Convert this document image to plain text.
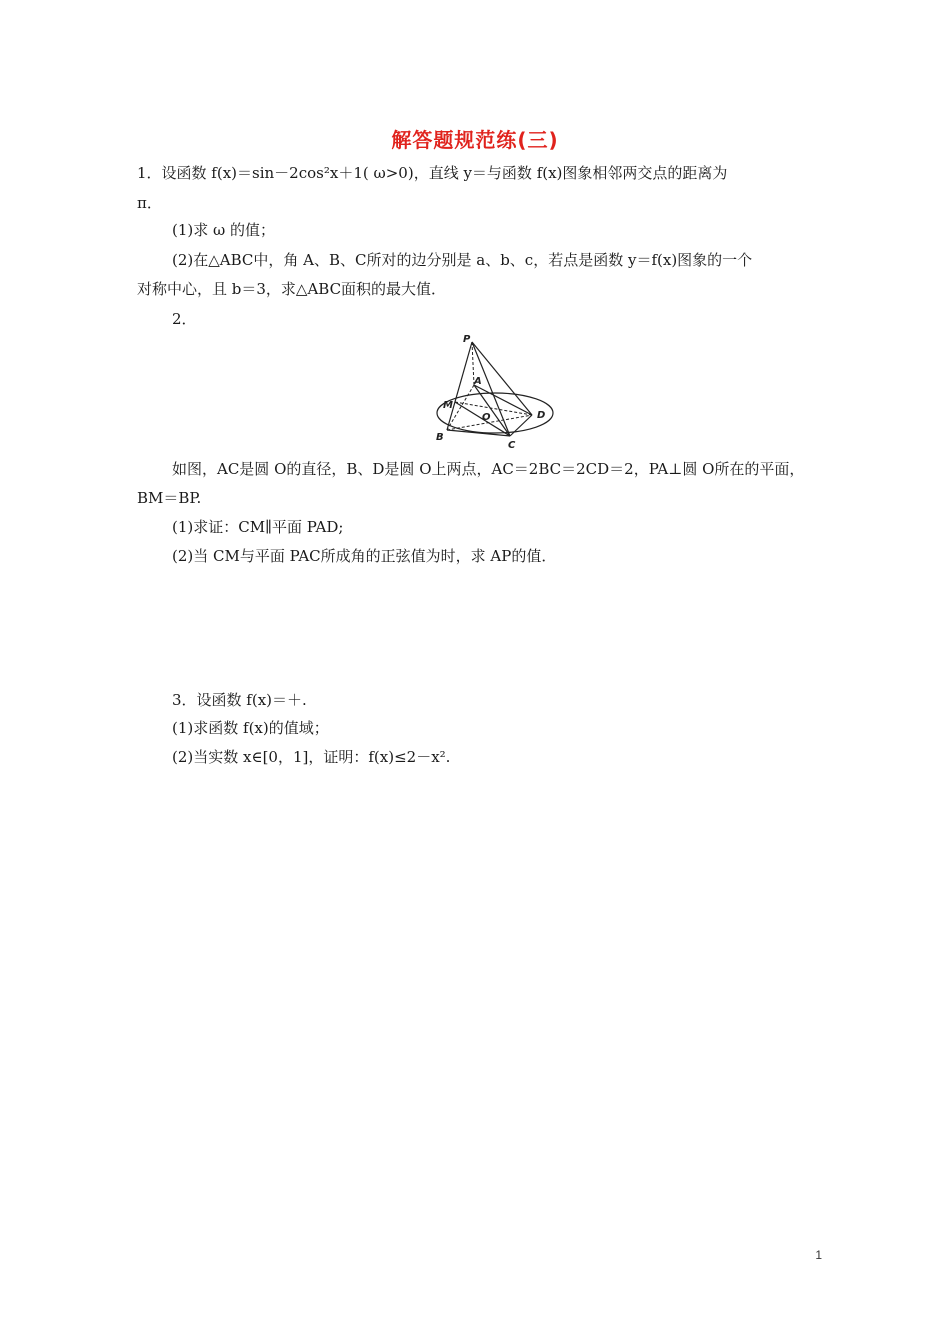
解答题规范练(三)
1．设函数 f(x)＝sin－2cos²x＋1( ω>0)，直线 y＝与函数 f(x)图象相邻两交点的距离为
π．
(1)求 ω 的值；
(2)在△ABC中，角 A、B、C所对的边分别是 a、b、c，若点是函数 y＝f(x)图象的一个
对称中心，且 b＝3，求△ABC面积的最大值．
2．
P
A
M
O	D
B
C
如图，AC是圆 O的直径，B、D是圆 O上两点，AC＝2BC＝2CD＝2，PA⊥圆 O所在的平面，
BM＝BP.
(1)求证：CM∥平面 PAD;
(2)当 CM与平面 PAC所成角的正弦值为时，求 AP的值．
3．设函数 f(x)＝＋.
(1)求函数 f(x)的值域；
(2)当实数 x∈[0，1]，证明：f(x)≤2－x².
1
